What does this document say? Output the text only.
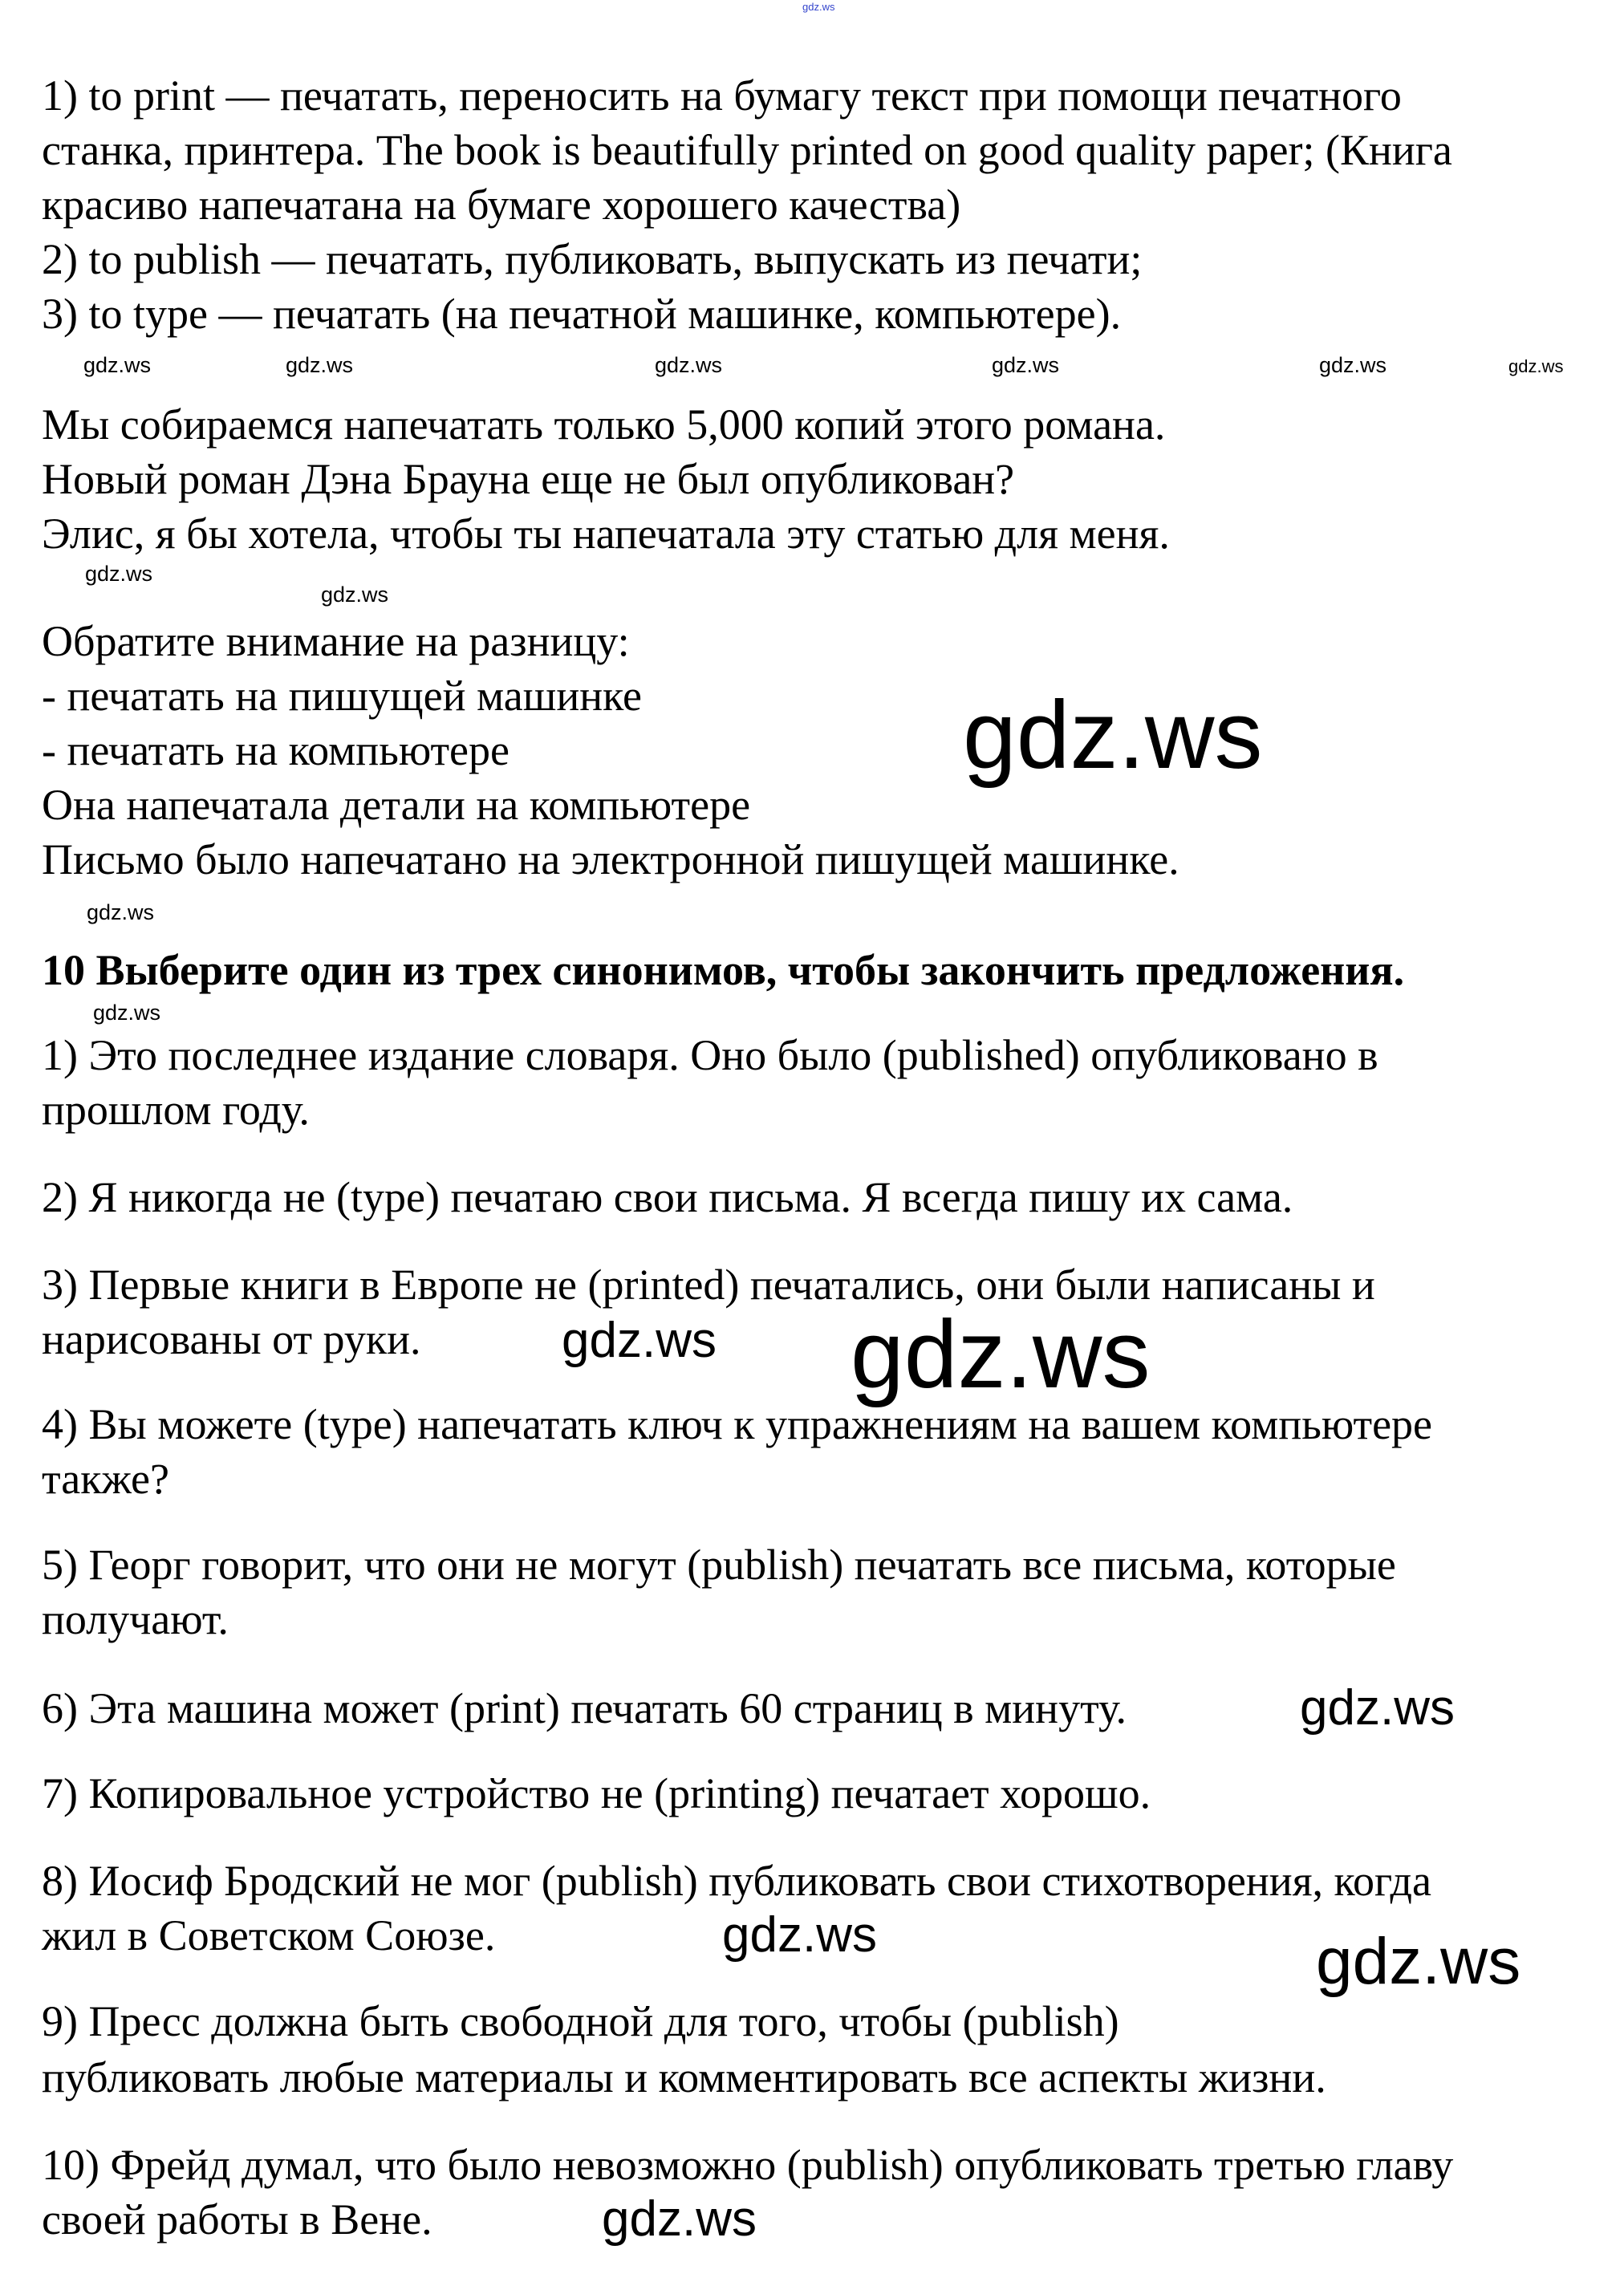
1) to print — печатать, переносить на бумагу текст при помощи печатного
станка, принтера. The book is beautifully printed on good quality paper; (Книга
красиво напечатана на бумаге хорошего качества)
2) to publish — печатать, публиковать, выпускать из печати;
3) to type — печатать (на печатной машинке, компьютере).
Мы собираемся напечатать только 5,000 копий этого романа.
Новый роман Дэна Брауна еще не был опубликован?
Элис, я бы хотела, чтобы ты напечатала эту статью для меня.
Обратите внимание на разницу:
- печатать на пишущей машинке
- печатать на компьютере
Она напечатала детали на компьютере
Письмо было напечатано на электронной пишущей машинке.
10 Выберите один из трех синонимов, чтобы закончить предложения.
1) Это последнее издание словаря. Оно было (published) опубликовано в
прошлом году.
2) Я никогда не (type) печатаю свои письма. Я всегда пишу их сама.
3) Первые книги в Европе не (printed) печатались, они были написаны и
нарисованы от руки.
4) Вы можете (type) напечатать ключ к упражнениям на вашем компьютере
также?
5) Георг говорит, что они не могут (publish) печатать все письма, которые
получают.
6) Эта машина может (print) печатать 60 страниц в минуту.
7) Копировальное устройство не (printing) печатает хорошо.
8) Иосиф Бродский не мог (publish) публиковать свои стихотворения, когда
жил в Советском Союзе.
9) Пресс должна быть свободной для того, чтобы (publish)
публиковать любые материалы и комментировать все аспекты жизни.
10) Фрейд думал, что было невозможно (publish) опубликовать третью главу
своей работы в Вене.
gdz.ws
gdz.ws	gdz.ws	gdz.ws	gdz.ws	gdz.ws	gdz.ws
gdz.ws
gdz.ws
gdz.ws
gdz.ws
gdz.ws
gdz.ws
gdz.ws
gdz.ws
gdz.ws	gdz.ws
gdz.ws
